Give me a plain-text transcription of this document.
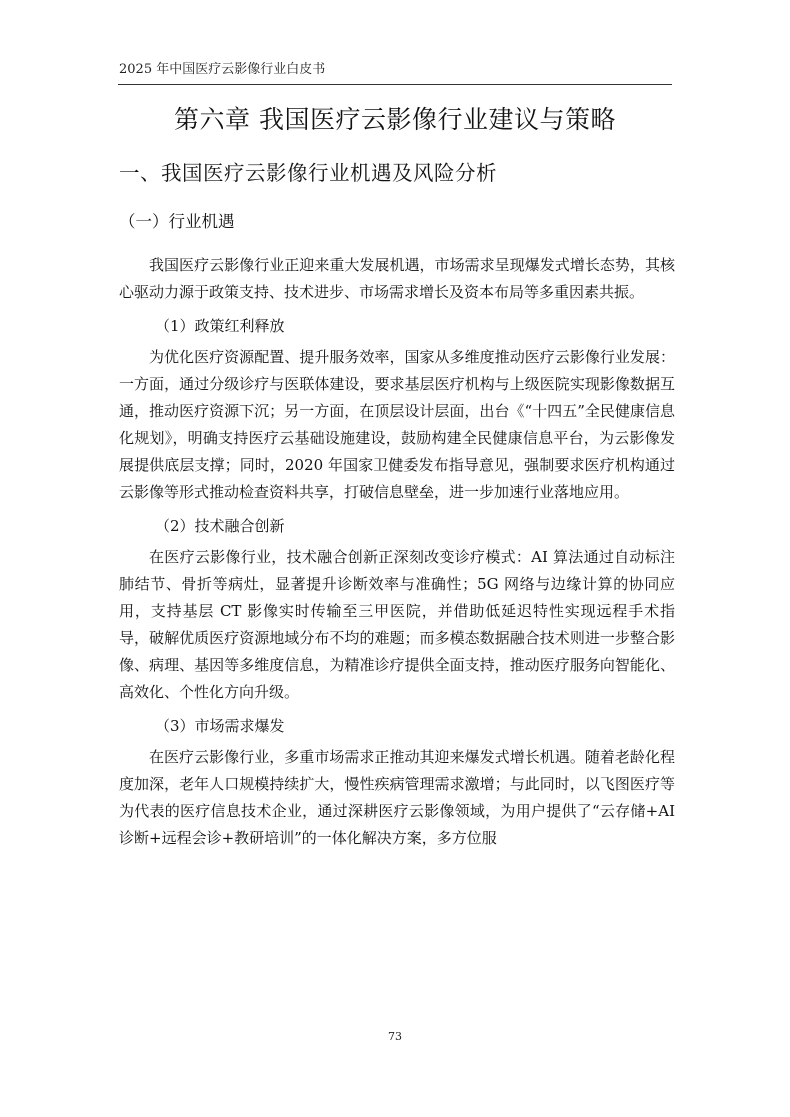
2025 年中国医疗云影像行业白皮书
第六章 我国医疗云影像行业建议与策略
一、我国医疗云影像行业机遇及风险分析
（一）行业机遇

我国医疗云影像行业正迎来重大发展机遇，市场需求呈现爆发式增长态势，其核心驱动力源于政策支持、技术进步、市场需求增长及资本布局等多重因素共振。

（1）政策红利释放

为优化医疗资源配置、提升服务效率，国家从多维度推动医疗云影像行业发展：一方面，通过分级诊疗与医联体建设，要求基层医疗机构与上级医院实现影像数据互通，推动医疗资源下沉；另一方面，在顶层设计层面，出台《“十四五”全民健康信息化规划》，明确支持医疗云基础设施建设，鼓励构建全民健康信息平台，为云影像发展提供底层支撑；同时，2020 年国家卫健委发布指导意见，强制要求医疗机构通过云影像等形式推动检查资料共享，打破信息壁垒，进一步加速行业落地应用。

（2）技术融合创新

在医疗云影像行业，技术融合创新正深刻改变诊疗模式：AI 算法通过自动标注肺结节、骨折等病灶，显著提升诊断效率与准确性；5G 网络与边缘计算的协同应用，支持基层 CT 影像实时传输至三甲医院，并借助低延迟特性实现远程手术指导，破解优质医疗资源地域分布不均的难题；而多模态数据融合技术则进一步整合影像、病理、基因等多维度信息，为精准诊疗提供全面支持，推动医疗服务向智能化、高效化、个性化方向升级。

（3）市场需求爆发

在医疗云影像行业，多重市场需求正推动其迎来爆发式增长机遇。随着老龄化程度加深，老年人口规模持续扩大，慢性疾病管理需求激增；与此同时，以飞图医疗等为代表的医疗信息技术企业，通过深耕医疗云影像领域，为用户提供了“云存储+AI 诊断+远程会诊+教研培训”的一体化解决方案，多方位服

73
